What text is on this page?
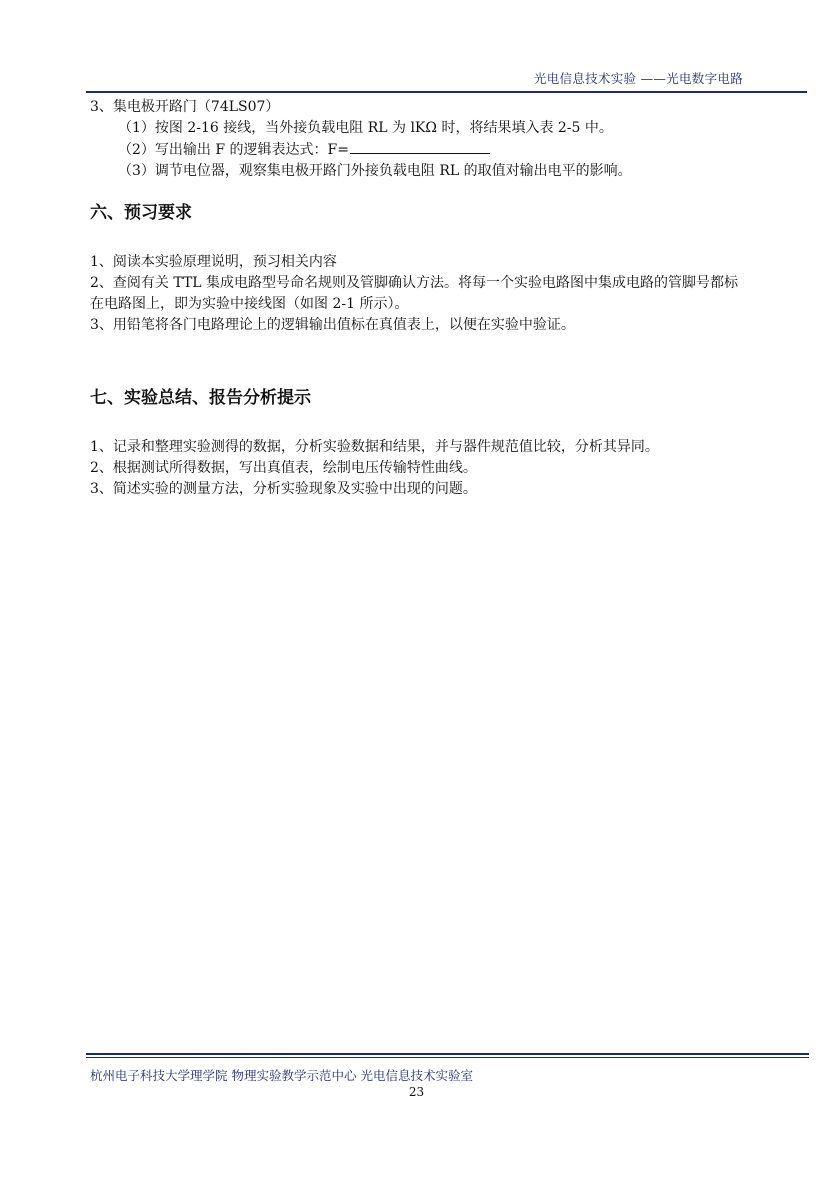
光电信息技术实验 ——光电数字电路

3、集电极开路门（74LS07）

（1）按图 2-16 接线，当外接负载电阻 RL 为 lKΩ 时，将结果填入表 2-5 中。

（2）写出输出 F 的逻辑表达式：F=

（3）调节电位器，观察集电极开路门外接负载电阻 RL 的取值对输出电平的影响。

六、预习要求

1、阅读本实验原理说明，预习相关内容

2、查阅有关 TTL 集成电路型号命名规则及管脚确认方法。将每一个实验电路图中集成电路的管脚号都标在电路图上，即为实验中接线图（如图 2-1 所示）。

3、用铅笔将各门电路理论上的逻辑输出值标在真值表上，以便在实验中验证。

七、实验总结、报告分析提示

1、记录和整理实验测得的数据，分析实验数据和结果，并与器件规范值比较，分析其异同。

2、根据测试所得数据，写出真值表，绘制电压传输特性曲线。

3、简述实验的测量方法，分析实验现象及实验中出现的问题。

杭州电子科技大学理学院 物理实验教学示范中心 光电信息技术实验室
23
